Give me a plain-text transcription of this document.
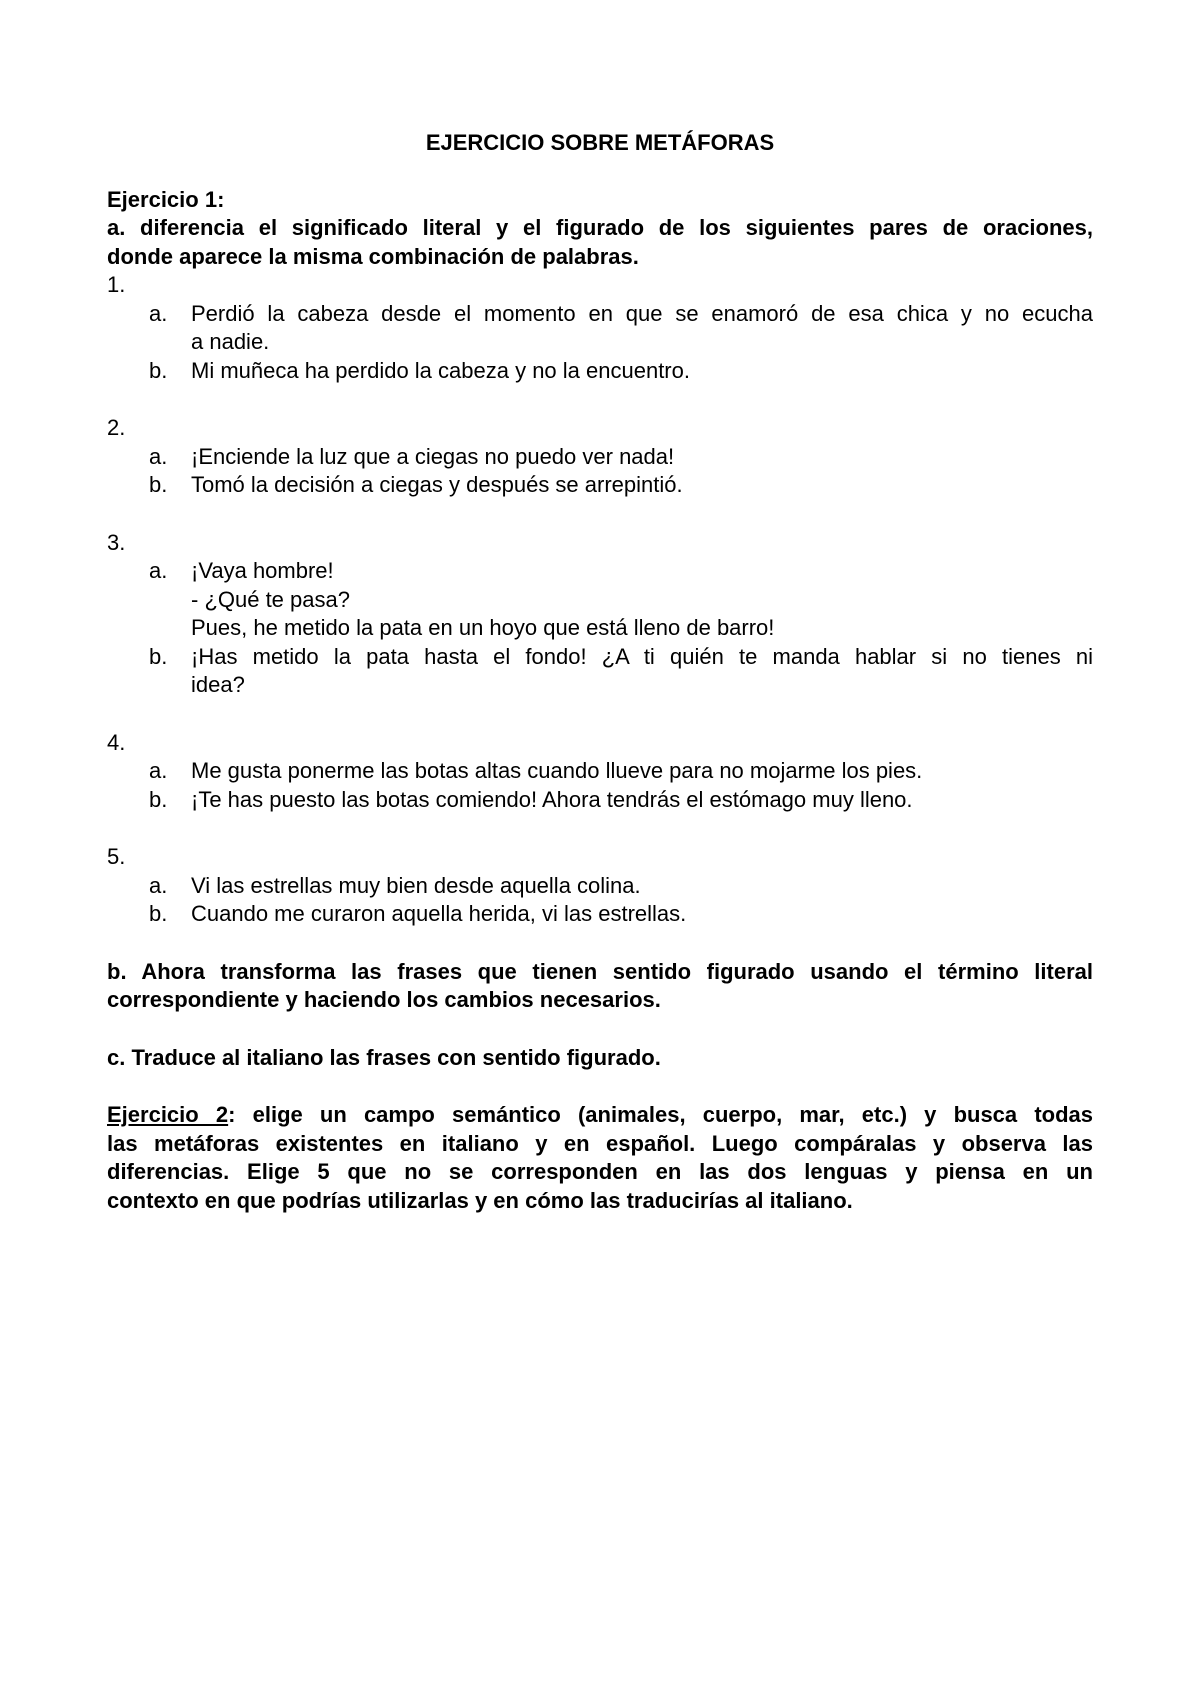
EJERCICIO SOBRE METÁFORAS
Ejercicio 1:
a. diferencia el significado literal y el figurado de los siguientes pares de oraciones,
donde aparece la misma combinación de palabras.
1.
a. Perdió la cabeza desde el momento en que se enamoró de esa chica y no ecucha
a nadie.
b. Mi muñeca ha perdido la cabeza y no la encuentro.
2.
a. ¡Enciende la luz que a ciegas no puedo ver nada!
b. Tomó la decisión a ciegas y después se arrepintió.
3.
a. ¡Vaya hombre!
- ¿Qué te pasa?
Pues, he metido la pata en un hoyo que está lleno de barro!
b. ¡Has metido la pata hasta el fondo! ¿A ti quién te manda hablar si no tienes ni
idea?
4.
a. Me gusta ponerme las botas altas cuando llueve para no mojarme los pies.
b. ¡Te has puesto las botas comiendo! Ahora tendrás el estómago muy lleno.
5.
a. Vi las estrellas muy bien desde aquella colina.
b. Cuando me curaron aquella herida, vi las estrellas.
b. Ahora transforma las frases que tienen sentido figurado usando el término literal
correspondiente y haciendo los cambios necesarios.
c. Traduce al italiano las frases con sentido figurado.
Ejercicio 2: elige un campo semántico (animales, cuerpo, mar, etc.) y busca todas
las metáforas existentes en italiano y en español. Luego compáralas y observa las
diferencias. Elige 5 que no se corresponden en las dos lenguas y piensa en un
contexto en que podrías utilizarlas y en cómo las traducirías al italiano.
